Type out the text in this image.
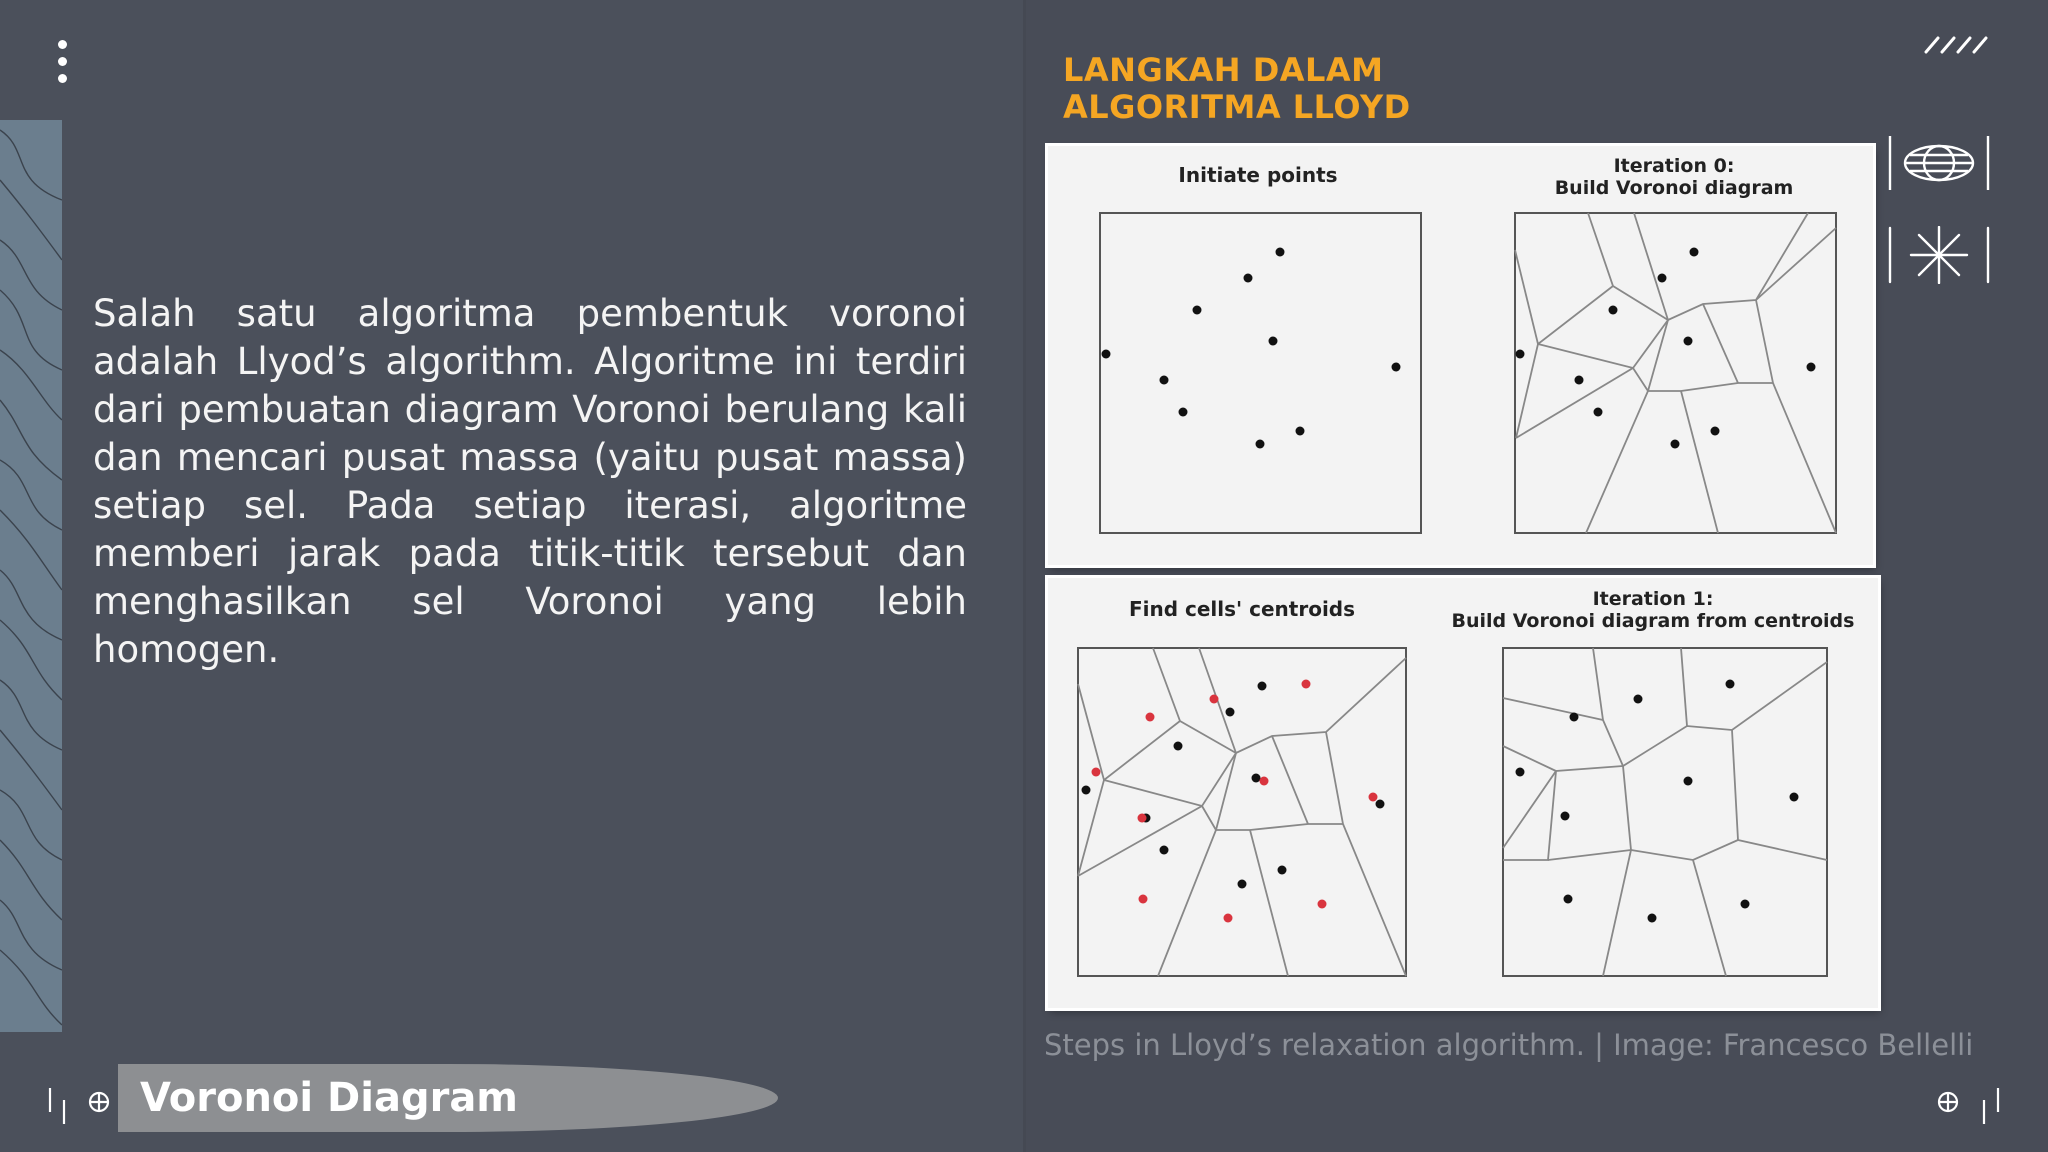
Salah satu algoritma pembentuk voronoi adalah Llyod’s algorithm. Algoritme ini terdiri dari pembuatan diagram Voronoi berulang kali dan mencari pusat massa (yaitu pusat massa) setiap sel. Pada setiap iterasi, algoritme memberi jarak pada titik-titik tersebut dan menghasilkan sel Voronoi yang lebih homogen.

LANGKAH DALAM
ALGORITMA LLOYD
Initiate points	Iteration 0:
Build Voronoi diagram
Find cells' centroids	Iteration 1:
Build Voronoi diagram from centroids

Steps in Lloyd’s relaxation algorithm. | Image: Francesco Bellelli

Voronoi Diagram
